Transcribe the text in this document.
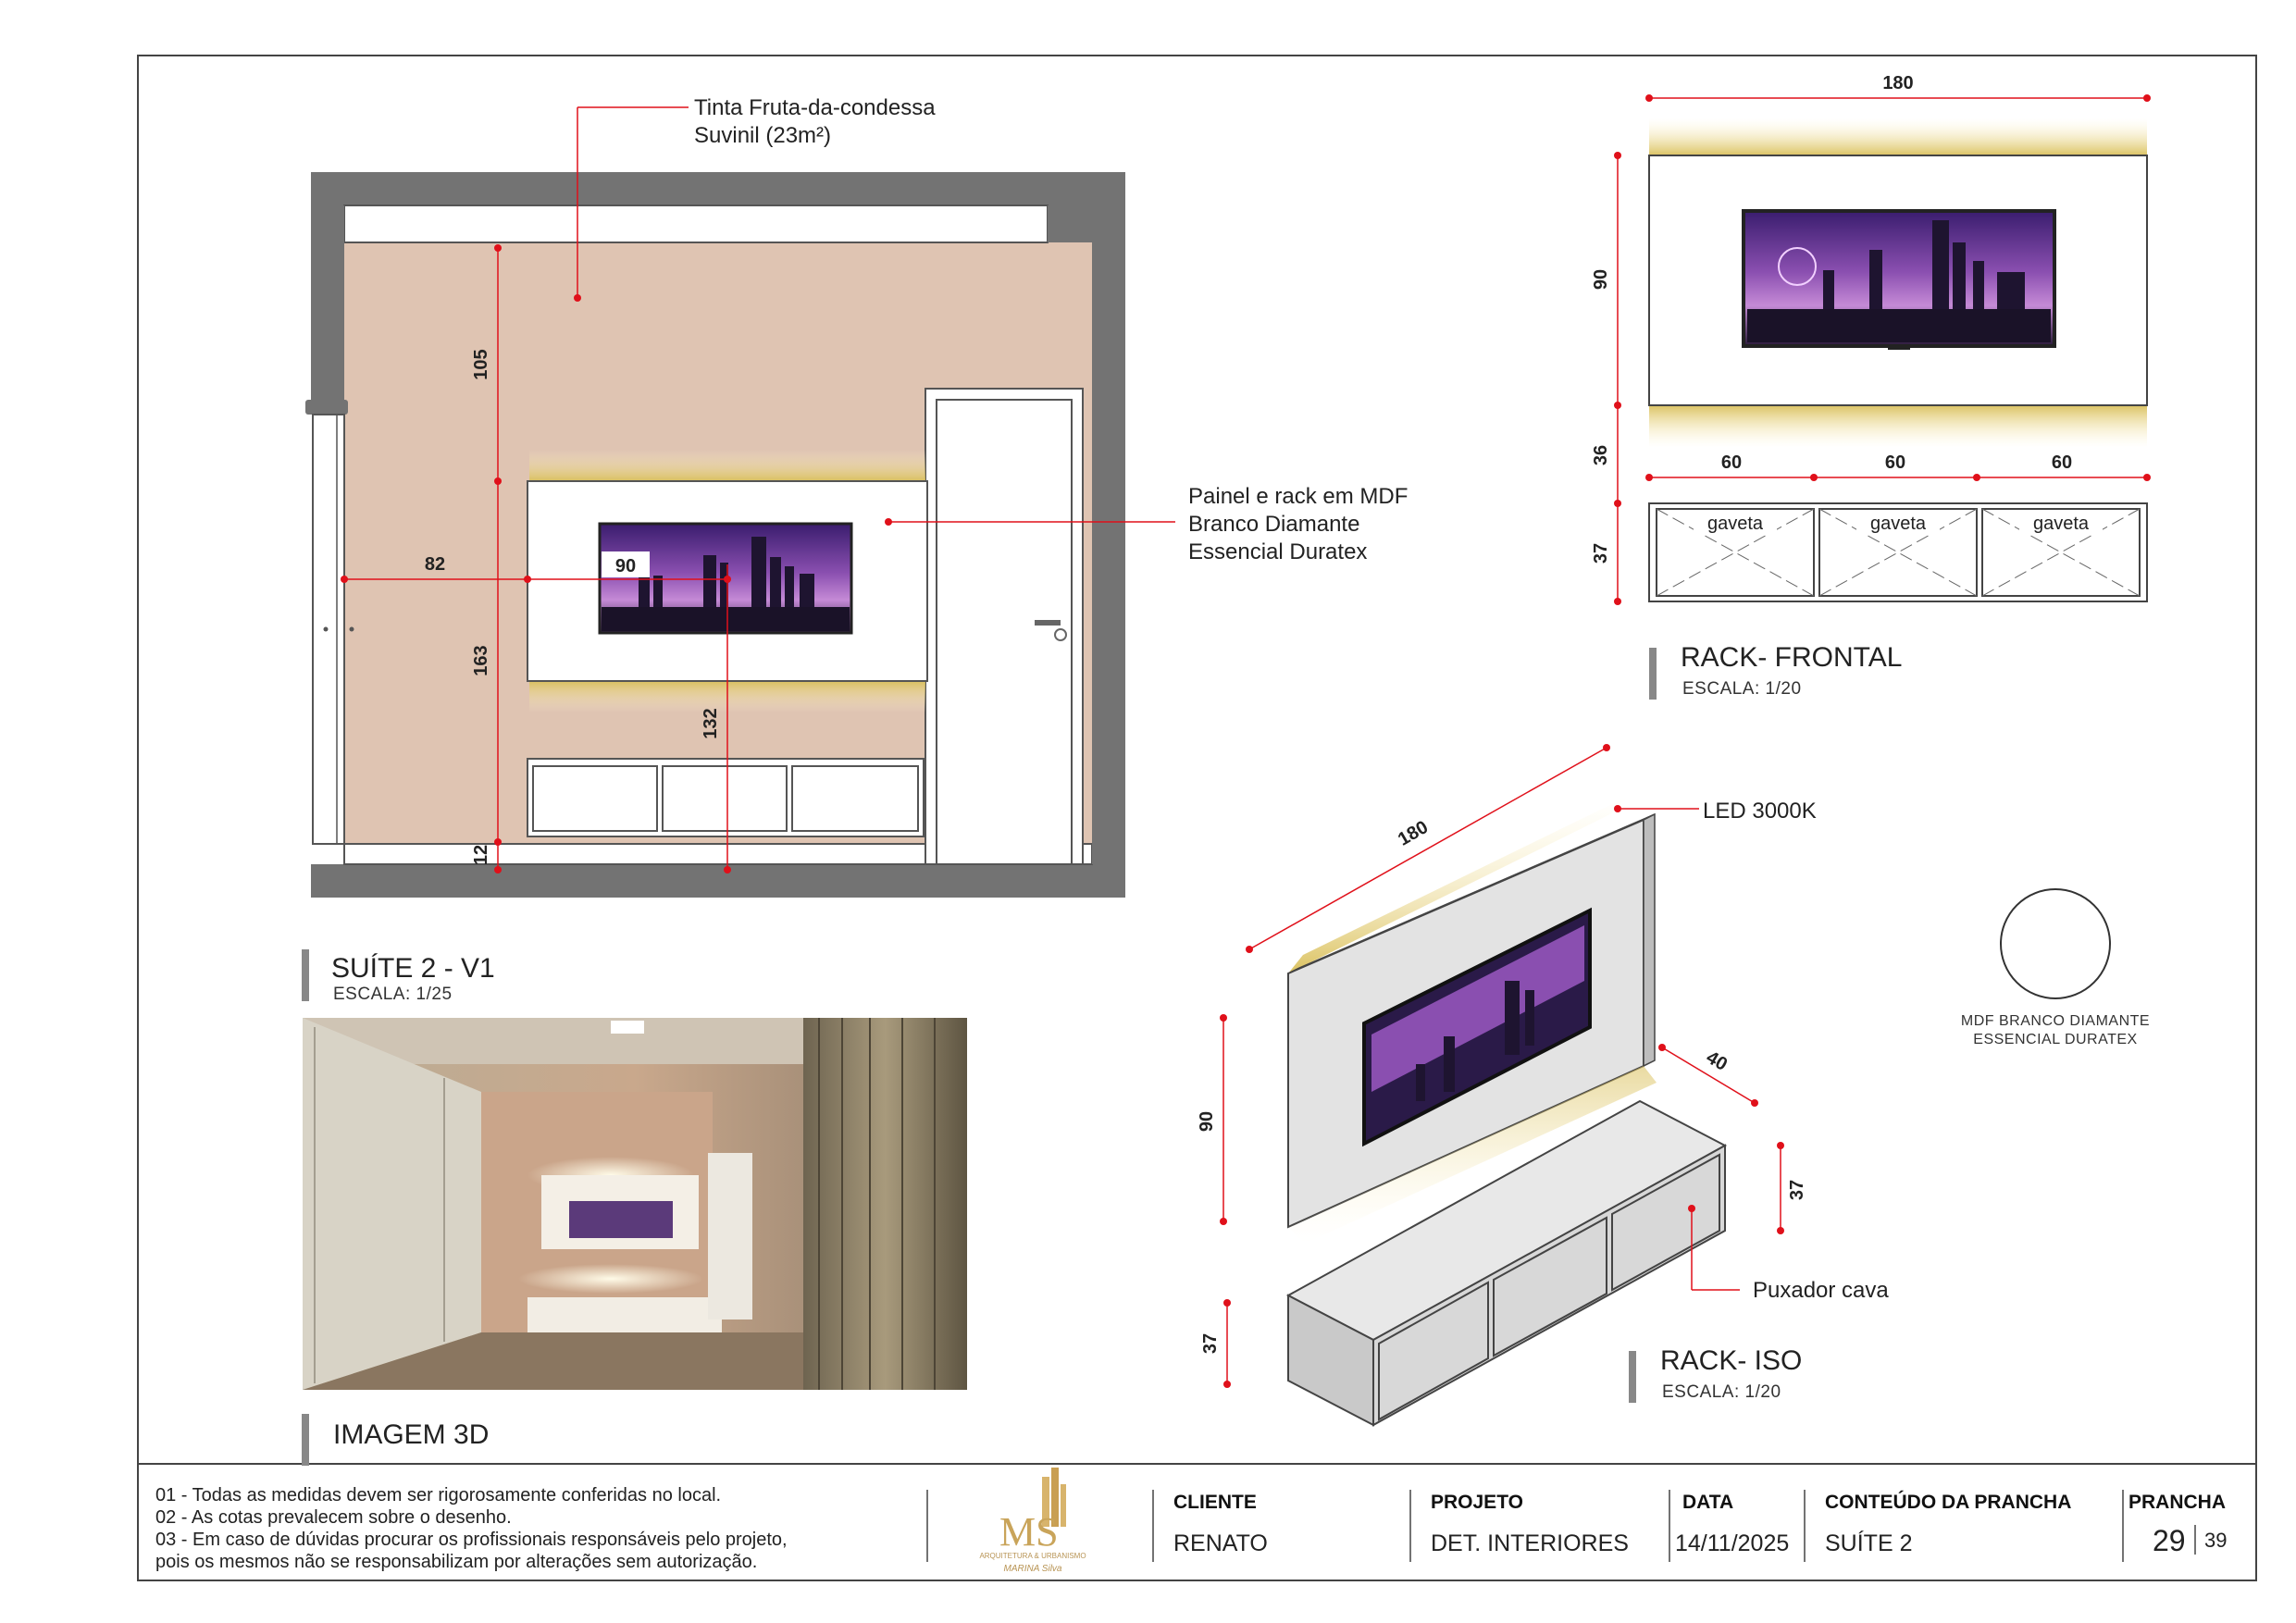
105
163
12
82	90
132
Tinta Fruta-da-condessa
Suvinil (23m²)
Painel e rack em MDF
Branco Diamante
Essencial Duratex
SUÍTE 2 - V1
ESCALA: 1/25
IMAGEM 3D
gaveta	gaveta	gaveta
180
90
36
37
60	60	60
RACK- FRONTAL
ESCALA: 1/20
180
90
40
37
37
LED 3000K
Puxador cava
RACK- ISO
ESCALA: 1/20
MDF BRANCO DIAMANTE
ESSENCIAL DURATEX
01 - Todas as medidas devem ser rigorosamente conferidas no local.
02 - As cotas prevalecem sobre o desenho.
03 - Em caso de dúvidas procurar os profissionais responsáveis pelo projeto,
pois os mesmos não se responsabilizam por alterações sem autorização.
MS
ARQUITETURA & URBANISMO
MARINA Silva
CLIENTE
RENATO
PROJETO
DET. INTERIORES
DATA
14/11/2025
CONTEÚDO DA PRANCHA
SUÍTE 2
PRANCHA
29 39
